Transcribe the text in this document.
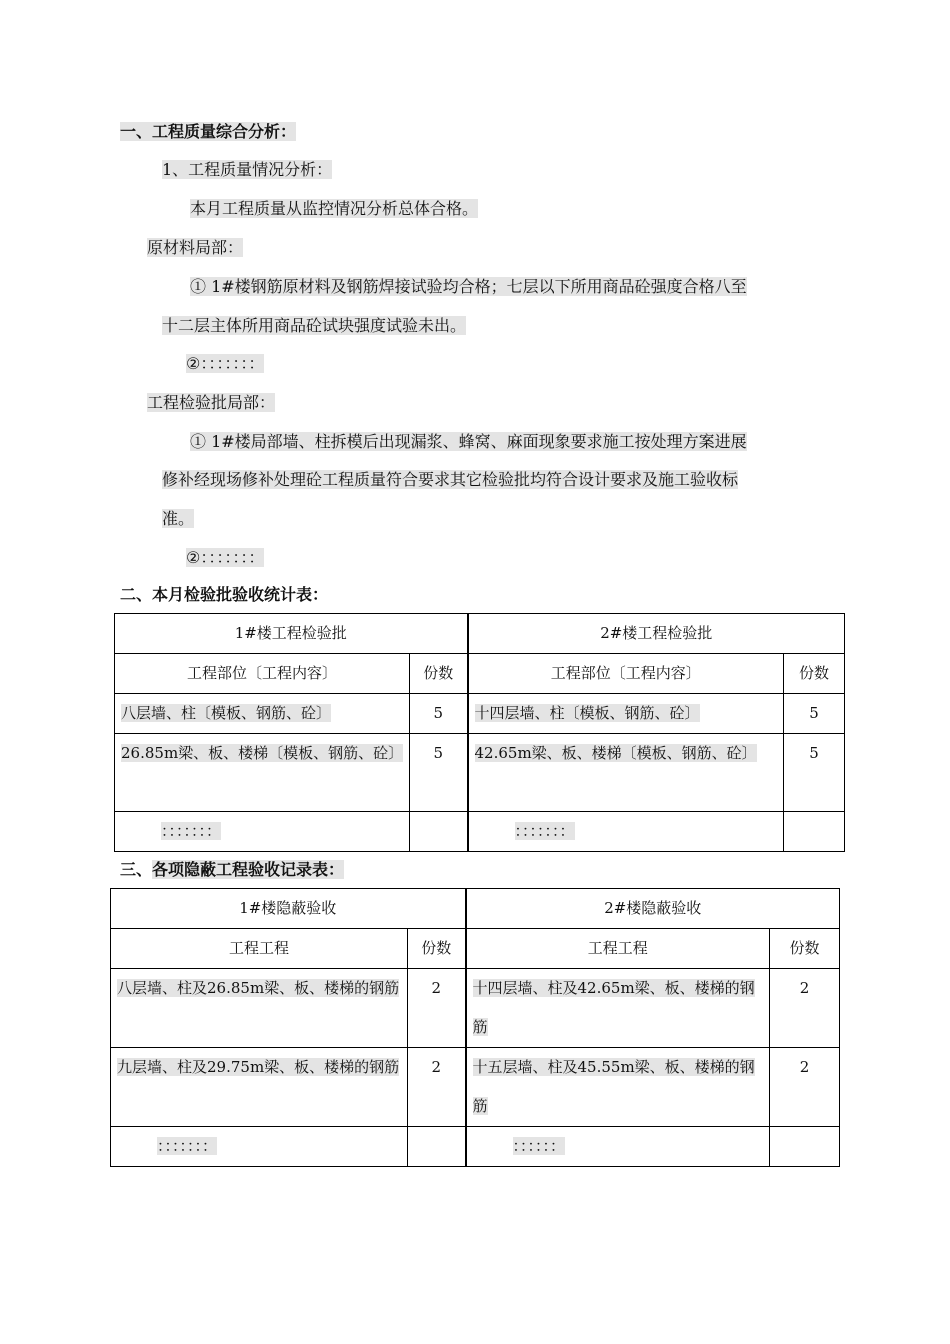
一、工程质量综合分析：
1、工程质量情况分析：
本月工程质量从监控情况分析总体合格。
原材料局部：
① 1#楼钢筋原材料及钢筋焊接试验均合格；七层以下所用商品砼强度合格八至
十二层主体所用商品砼试块强度试验未出。
②：：：：：：：
工程检验批局部：
① 1#楼局部墙、柱拆模后出现漏浆、蜂窝、麻面现象要求施工按处理方案进展
修补经现场修补处理砼工程质量符合要求其它检验批均符合设计要求及施工验收标
准。
②：：：：：：：
二、本月检验批验收统计表：
1#楼工程检验批		2#楼工程检验批	
工程部位〔工程内容〕	份数	工程部位〔工程内容〕	份数
八层墙、柱〔模板、钢筋、砼〕	5	十四层墙、柱〔模板、钢筋、砼〕	5
26.85m梁、板、楼梯〔模板、钢筋、砼〕	5	42.65m梁、板、楼梯〔模板、钢筋、砼〕	5
：：：：：：：		：：：：：：：	
三、各项隐蔽工程验收记录表：
1#楼隐蔽验收		2#楼隐蔽验收	
工程工程	份数	工程工程	份数
八层墙、柱及26.85m梁、板、楼梯的钢筋	2	十四层墙、柱及42.65m梁、板、楼梯的钢筋	2
九层墙、柱及29.75m梁、板、楼梯的钢筋	2	十五层墙、柱及45.55m梁、板、楼梯的钢筋	2
：：：：：：：		：：：：：：	
